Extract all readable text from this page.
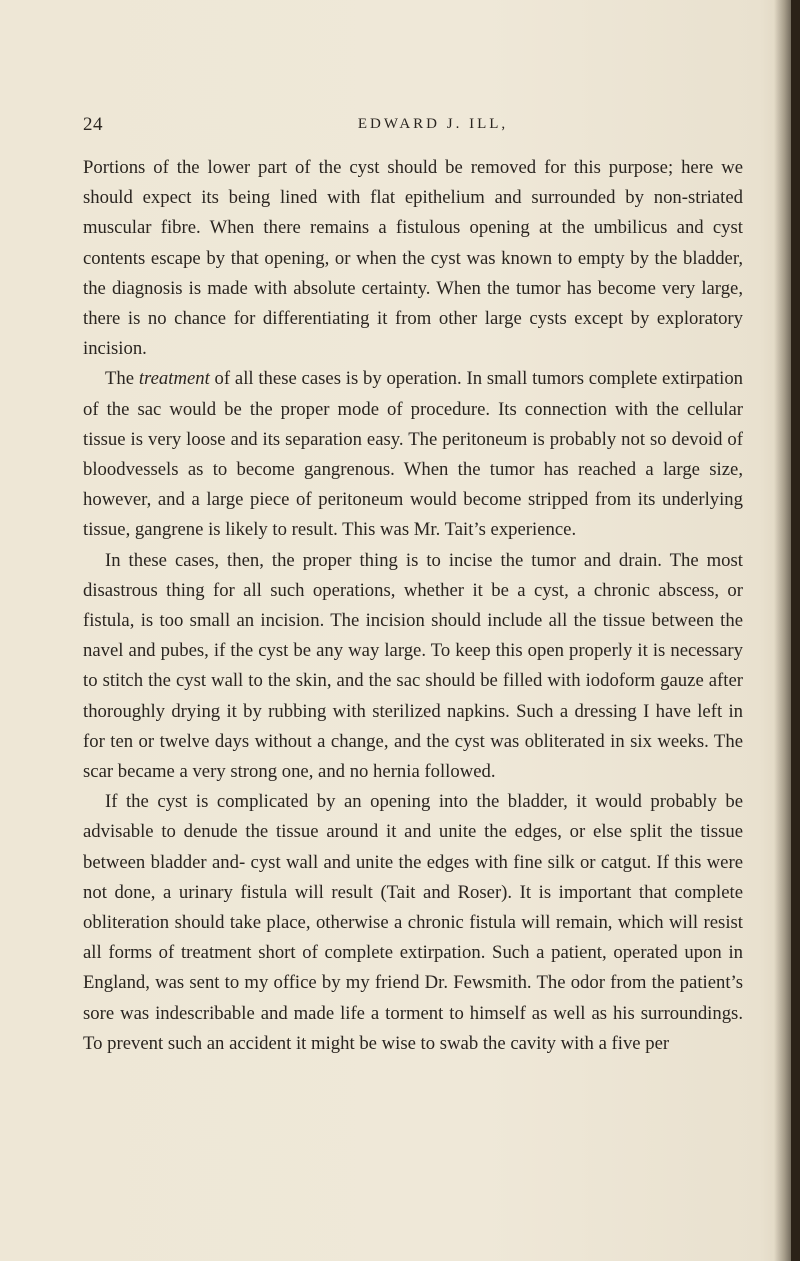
24	EDWARD J. ILL,

Portions of the lower part of the cyst should be removed for this purpose; here we should expect its being lined with flat epithelium and surrounded by non-striated muscular fibre. When there remains a fistulous opening at the umbilicus and cyst contents escape by that opening, or when the cyst was known to empty by the bladder, the diagnosis is made with absolute certainty. When the tumor has become very large, there is no chance for differentiating it from other large cysts except by exploratory incision.

The treatment of all these cases is by operation. In small tumors complete extirpation of the sac would be the proper mode of procedure. Its connection with the cellular tissue is very loose and its separation easy. The peritoneum is probably not so devoid of bloodvessels as to become gangrenous. When the tumor has reached a large size, however, and a large piece of peritoneum would become stripped from its underlying tissue, gangrene is likely to result. This was Mr. Tait’s experience.

In these cases, then, the proper thing is to incise the tumor and drain. The most disastrous thing for all such operations, whether it be a cyst, a chronic abscess, or fistula, is too small an incision. The incision should include all the tissue between the navel and pubes, if the cyst be any way large. To keep this open properly it is necessary to stitch the cyst wall to the skin, and the sac should be filled with iodoform gauze after thoroughly drying it by rubbing with sterilized napkins. Such a dressing I have left in for ten or twelve days without a change, and the cyst was obliterated in six weeks. The scar became a very strong one, and no hernia followed.

If the cyst is complicated by an opening into the bladder, it would probably be advisable to denude the tissue around it and unite the edges, or else split the tissue between bladder and- cyst wall and unite the edges with fine silk or catgut. If this were not done, a urinary fistula will result (Tait and Roser). It is important that complete obliteration should take place, otherwise a chronic fistula will remain, which will resist all forms of treatment short of complete extirpation. Such a patient, operated upon in England, was sent to my office by my friend Dr. Fewsmith. The odor from the patient’s sore was indescribable and made life a torment to himself as well as his surroundings. To prevent such an accident it might be wise to swab the cavity with a five per
